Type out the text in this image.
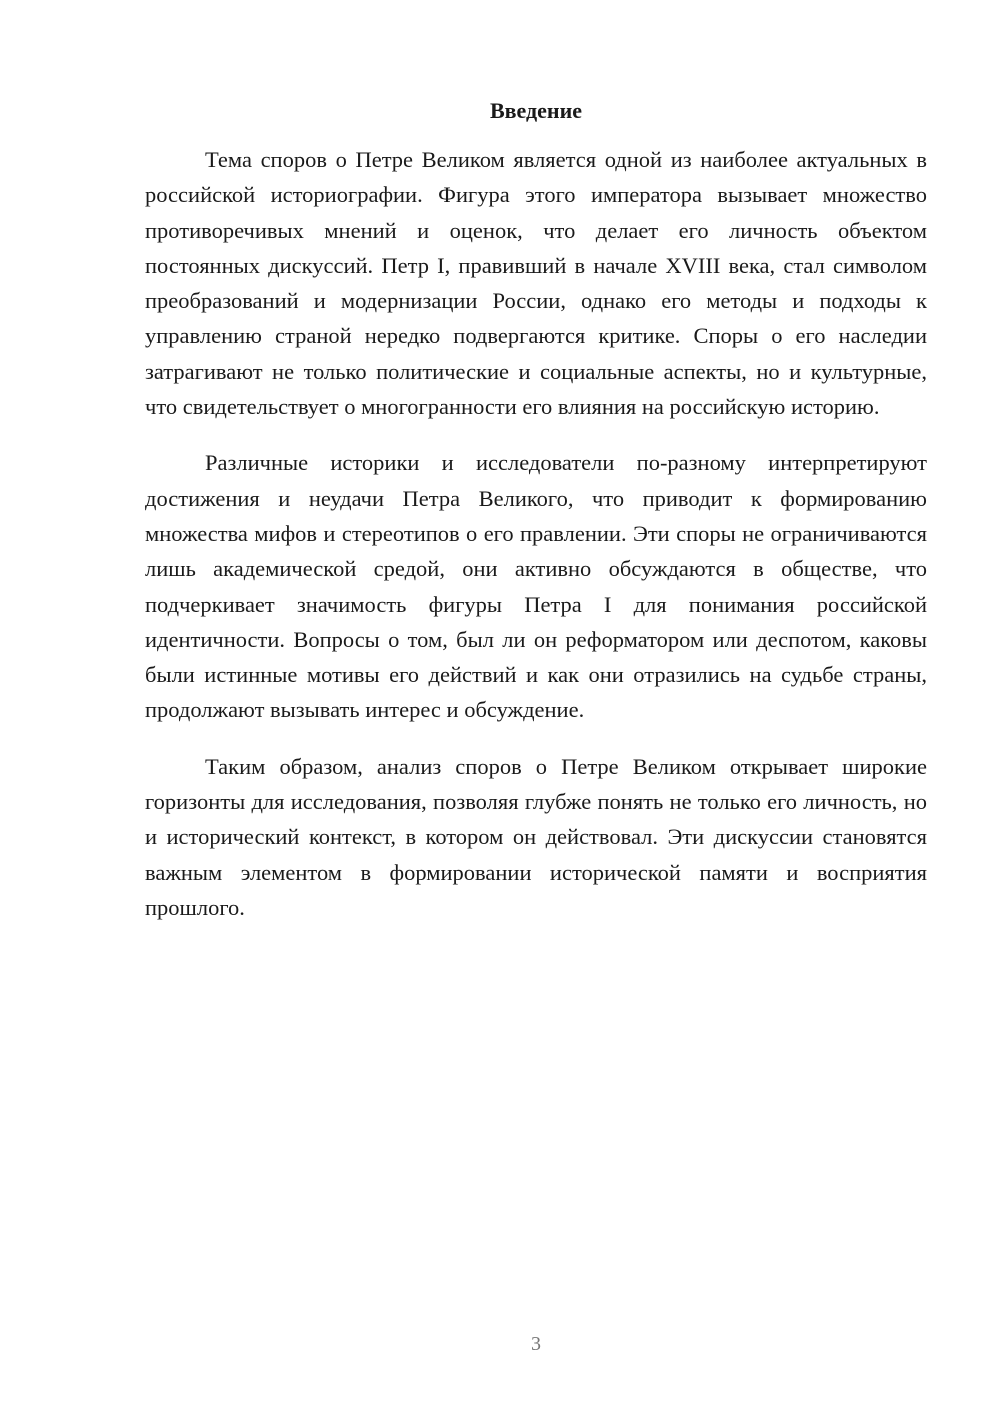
Введение

Тема споров о Петре Великом является одной из наиболее актуальных в российской историографии. Фигура этого императора вызывает множество противоречивых мнений и оценок, что делает его личность объектом постоянных дискуссий. Петр I, правивший в начале XVIII века, стал символом преобразований и модернизации России, однако его методы и подходы к управлению страной нередко подвергаются критике. Споры о его наследии затрагивают не только политические и социальные аспекты, но и культурные, что свидетельствует о многогранности его влияния на российскую историю.

Различные историки и исследователи по-разному интерпретируют достижения и неудачи Петра Великого, что приводит к формированию множества мифов и стереотипов о его правлении. Эти споры не ограничиваются лишь академической средой, они активно обсуждаются в обществе, что подчеркивает значимость фигуры Петра I для понимания российской идентичности. Вопросы о том, был ли он реформатором или деспотом, каковы были истинные мотивы его действий и как они отразились на судьбе страны, продолжают вызывать интерес и обсуждение.

Таким образом, анализ споров о Петре Великом открывает широкие горизонты для исследования, позволяя глубже понять не только его личность, но и исторический контекст, в котором он действовал. Эти дискуссии становятся важным элементом в формировании исторической памяти и восприятия прошлого.

3
